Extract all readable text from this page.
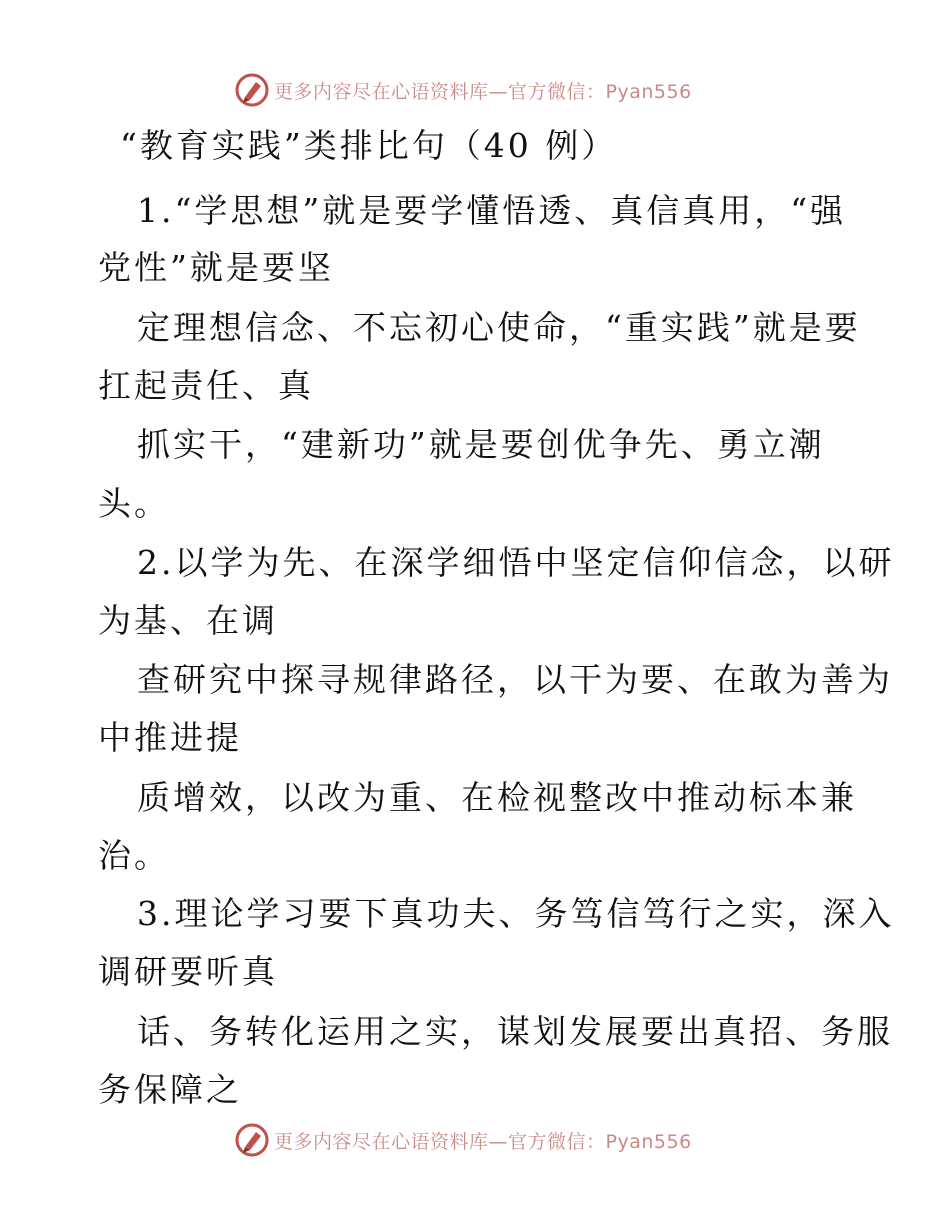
更多内容尽在心语资料库—官方微信：Pyan556
“教育实践”类排比句（40 例）
1.“学思想”就是要学懂悟透、真信真用，“强
党性”就是要坚
定理想信念、不忘初心使命，“重实践”就是要
扛起责任、真
抓实干，“建新功”就是要创优争先、勇立潮
头。
2.以学为先、在深学细悟中坚定信仰信念，以研
为基、在调
查研究中探寻规律路径，以干为要、在敢为善为
中推进提
质增效，以改为重、在检视整改中推动标本兼
治。
3.理论学习要下真功夫、务笃信笃行之实，深入
调研要听真
话、务转化运用之实，谋划发展要出真招、务服
务保障之
更多内容尽在心语资料库—官方微信：Pyan556
